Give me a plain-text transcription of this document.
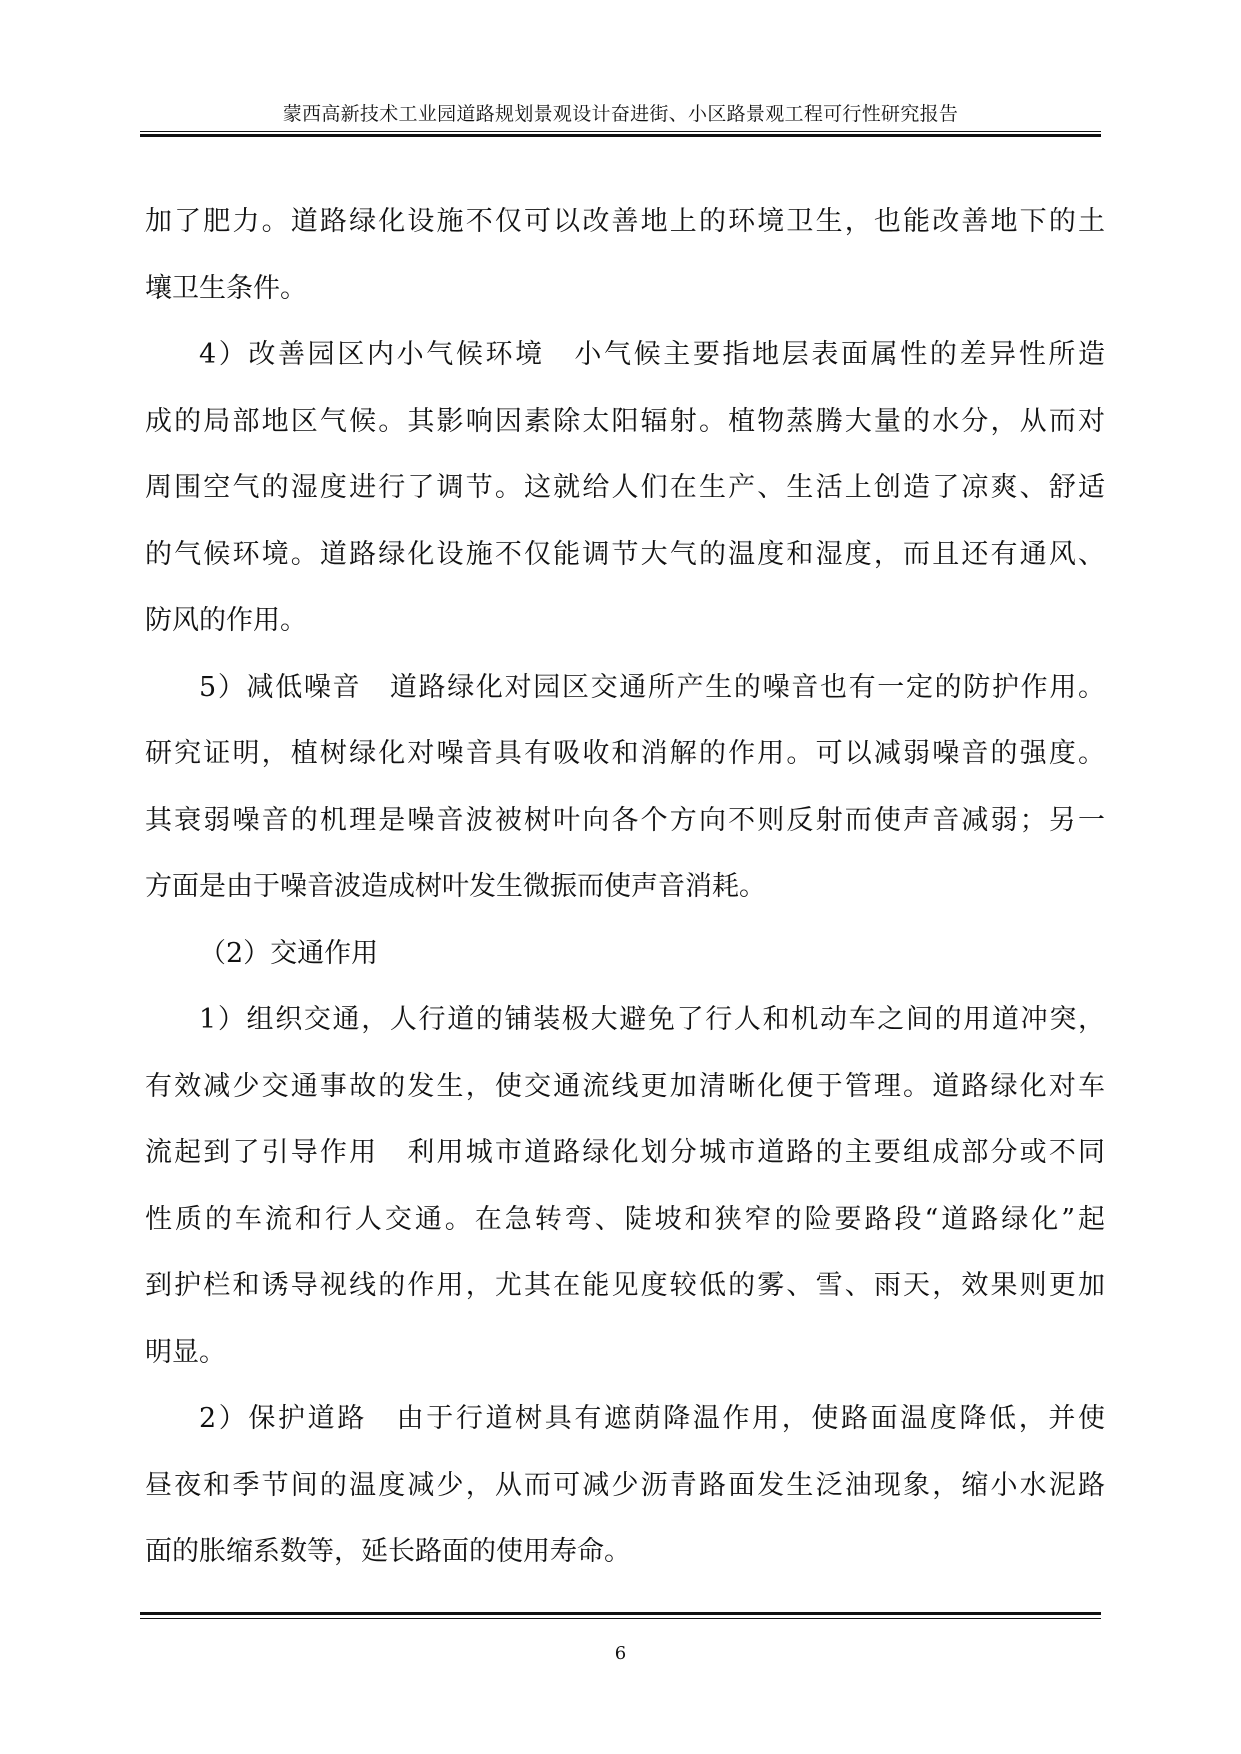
蒙西高新技术工业园道路规划景观设计奋进街、小区路景观工程可行性研究报告
加了肥力。道路绿化设施不仅可以改善地上的环境卫生，也能改善地下的土
壤卫生条件。
4）改善园区内小气候环境　小气候主要指地层表面属性的差异性所造
成的局部地区气候。其影响因素除太阳辐射。植物蒸腾大量的水分，从而对
周围空气的湿度进行了调节。这就给人们在生产、生活上创造了凉爽、舒适
的气候环境。道路绿化设施不仅能调节大气的温度和湿度，而且还有通风、
防风的作用。
5）减低噪音　道路绿化对园区交通所产生的噪音也有一定的防护作用。
研究证明，植树绿化对噪音具有吸收和消解的作用。可以减弱噪音的强度。
其衰弱噪音的机理是噪音波被树叶向各个方向不则反射而使声音减弱；另一
方面是由于噪音波造成树叶发生微振而使声音消耗。
（2）交通作用
1）组织交通，人行道的铺装极大避免了行人和机动车之间的用道冲突，
有效减少交通事故的发生，使交通流线更加清晰化便于管理。道路绿化对车
流起到了引导作用　利用城市道路绿化划分城市道路的主要组成部分或不同
性质的车流和行人交通。在急转弯、陡坡和狭窄的险要路段“道路绿化”起
到护栏和诱导视线的作用，尤其在能见度较低的雾、雪、雨天，效果则更加
明显。
2）保护道路　由于行道树具有遮荫降温作用，使路面温度降低，并使
昼夜和季节间的温度减少，从而可减少沥青路面发生泛油现象，缩小水泥路
面的胀缩系数等，延长路面的使用寿命。
6
